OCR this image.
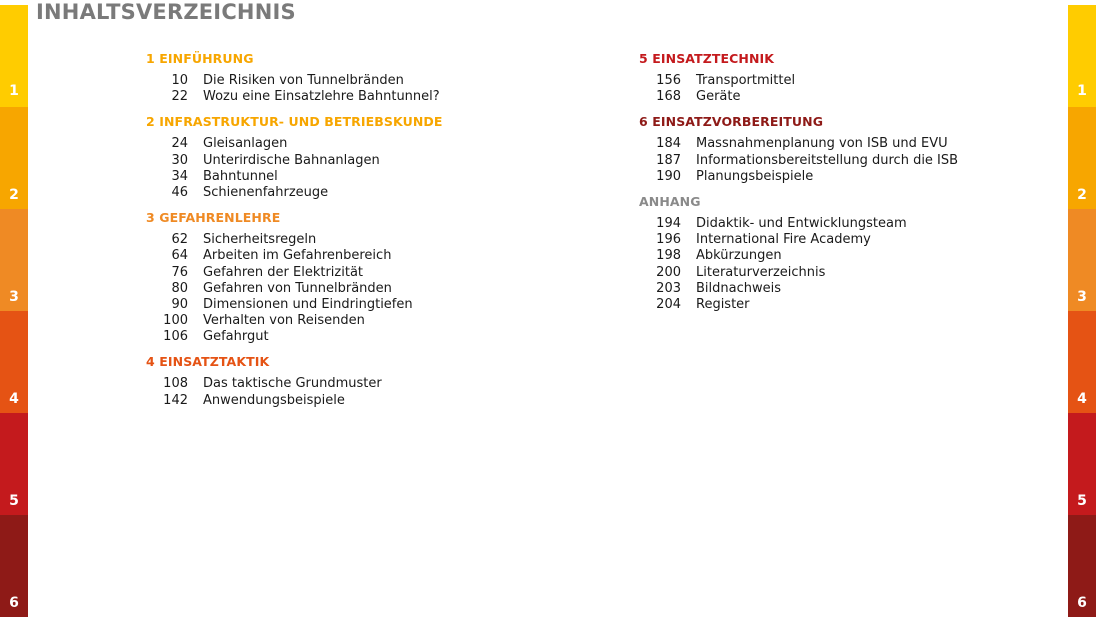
1
2
3
4
5
6
1
2
3
4
5
6
INHALTSVERZEICHNIS
1 EINFÜHRUNG
10	Die Risiken von Tunnelbränden
22	Wozu eine Einsatzlehre Bahntunnel?
2 INFRASTRUKTUR- UND BETRIEBSKUNDE
24	Gleisanlagen
30	Unterirdische Bahnanlagen
34	Bahntunnel
46	Schienenfahrzeuge
3 GEFAHRENLEHRE
62	Sicherheitsregeln
64	Arbeiten im Gefahrenbereich
76	Gefahren der Elektrizität
80	Gefahren von Tunnelbränden
90	Dimensionen und Eindringtiefen
100	Verhalten von Reisenden
106	Gefahrgut
4 EINSATZTAKTIK
108	Das taktische Grundmuster
142	Anwendungsbeispiele
5 EINSATZTECHNIK
156	Transportmittel
168	Geräte
6 EINSATZVORBEREITUNG
184	Massnahmenplanung von ISB und EVU
187	Informationsbereitstellung durch die ISB
190	Planungsbeispiele
ANHANG
194	Didaktik- und Entwicklungsteam
196	International Fire Academy
198	Abkürzungen
200	Literaturverzeichnis
203	Bildnachweis
204	Register
